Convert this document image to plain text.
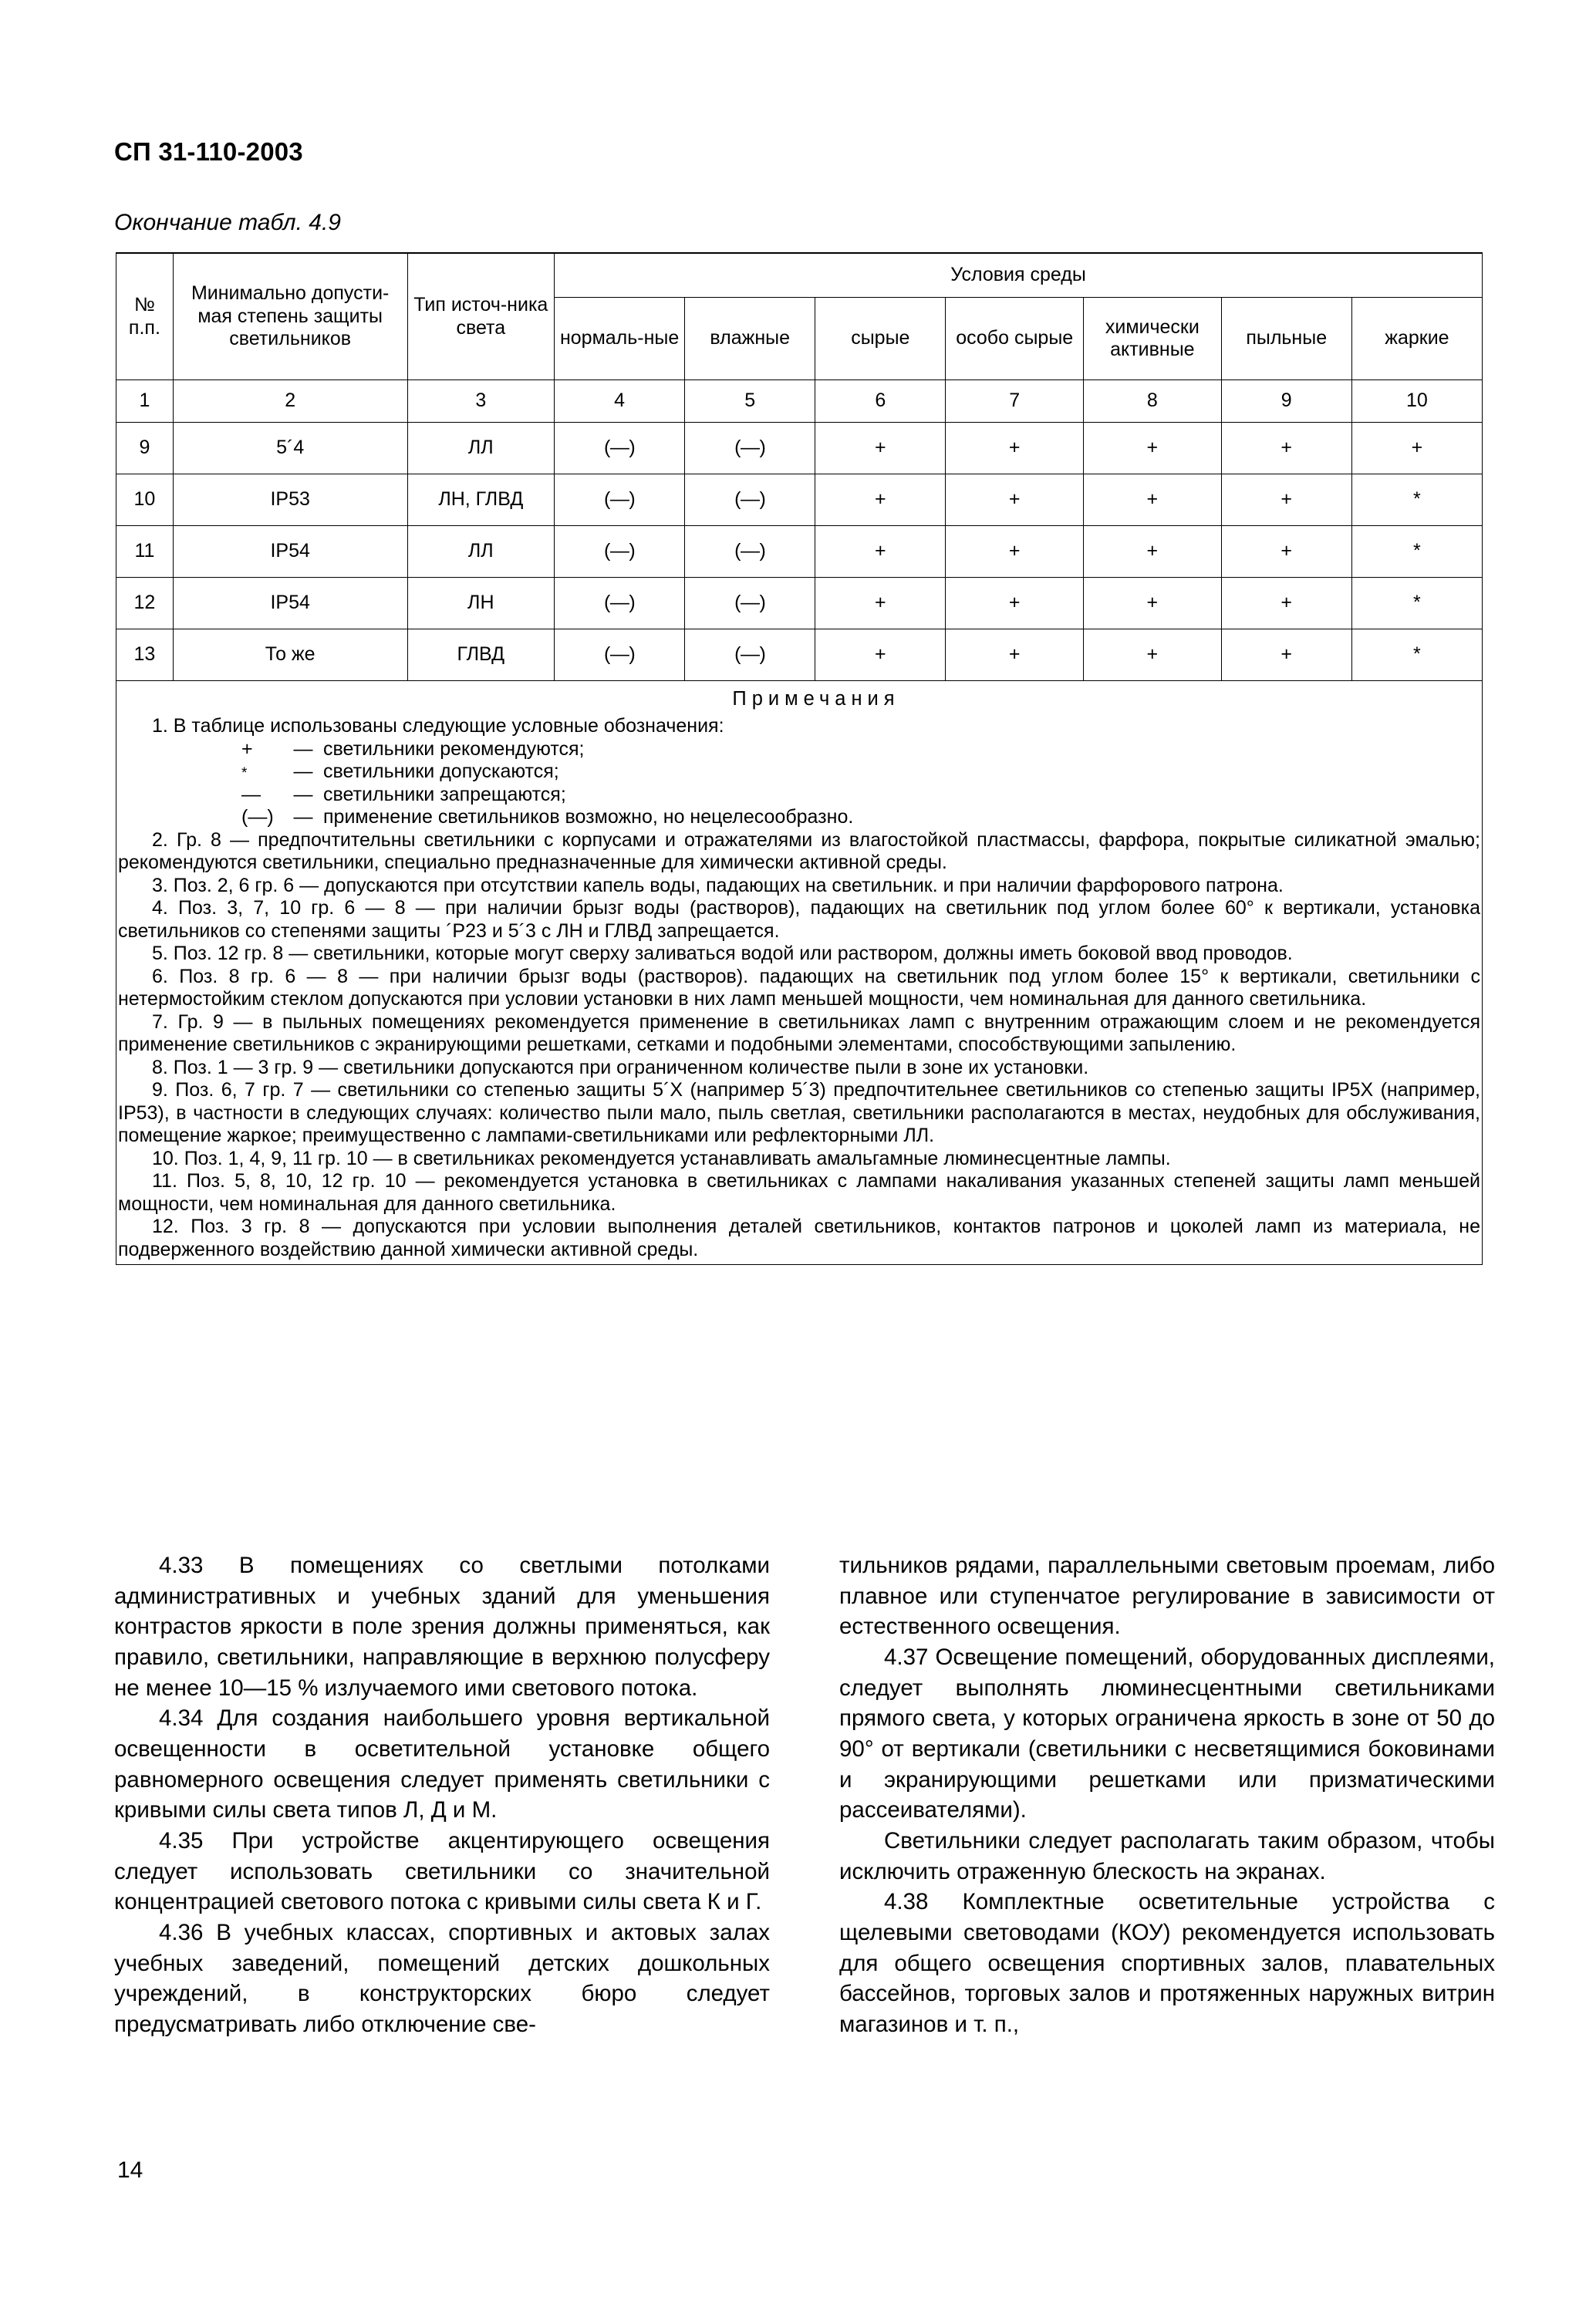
СП 31-110-2003
Окончание табл. 4.9
№
п.п.	Минимально допусти-мая степень защиты светильников	Тип источ-ника света	Условия среды						
			нормаль-ные	влажные	сырые	особо сырые	химически активные	пыльные	жаркие
1	2	3	4	5	6	7	8	9	10
9	5´4	ЛЛ	(—)	(—)	+	+	+	+	+
10	IP53	ЛН, ГЛВД	(—)	(—)	+	+	+	+	*
11	IP54	ЛЛ	(—)	(—)	+	+	+	+	*
12	IP54	ЛН	(—)	(—)	+	+	+	+	*
13	То же	ГЛВД	(—)	(—)	+	+	+	+	*

Примечания
1. В таблице использованы следующие условные обозначения:
+	— светильники рекомендуются;
*	— светильники допускаются;
—	— светильники запрещаются;
(—)	— применение светильников возможно, но нецелесообразно.
2. Гр. 8 — предпочтительны светильники с корпусами и отражателями из влагостойкой пластмассы, фарфора, покрытые силикатной эмалью; рекомендуются светильники, специально предназначенные для химически активной среды.
3. Поз. 2, 6 гр. 6 — допускаются при отсутствии капель воды, падающих на светильник. и при наличии фарфорового патрона.
4. Поз. 3, 7, 10 гр. 6 — 8 — при наличии брызг воды (растворов), падающих на светильник под углом более 60° к вертикали, установка светильников со степенями защиты ´Р23 и 5´3 с ЛН и ГЛВД запрещается.
5. Поз. 12 гр. 8 — светильники, которые могут сверху заливаться водой или раствором, должны иметь боковой ввод проводов.
6. Поз. 8 гр. 6 — 8 — при наличии брызг воды (растворов). падающих на светильник под углом более 15° к вертикали, светильники с нетермостойким стеклом допускаются при условии установки в них ламп меньшей мощности, чем номинальная для данного светильника.
7. Гр. 9 — в пыльных помещениях рекомендуется применение в светильниках ламп с внутренним отражающим слоем и не рекомендуется применение светильников с экранирующими решетками, сетками и подобными элементами, способствующими запылению.
8. Поз. 1 — 3 гр. 9 — светильники допускаются при ограниченном количестве пыли в зоне их установки.
9. Поз. 6, 7 гр. 7 — светильники со степенью защиты 5´Х (например 5´3) предпочтительнее светильников со степенью защиты IP5X (например, IP53), в частности в следующих случаях: количество пыли мало, пыль светлая, светильники располагаются в местах, неудобных для обслуживания, помещение жаркое; преимущественно с лампами-светильниками или рефлекторными ЛЛ.
10. Поз. 1, 4, 9, 11 гр. 10 — в светильниках рекомендуется устанавливать амальгамные люминесцентные лампы.
11. Поз. 5, 8, 10, 12 гр. 10 — рекомендуется установка в светильниках с лампами накаливания указанных степеней защиты ламп меньшей мощности, чем номинальная для данного светильника.
12. Поз. 3 гр. 8 — допускаются при условии выполнения деталей светильников, контактов патронов и цоколей ламп из материала, не подверженного воздействию данной химически активной среды.

4.33 В помещениях со светлыми потолками административных и учебных зданий для уменьшения контрастов яркости в поле зрения должны применяться, как правило, светильники, направляющие в верхнюю полусферу не менее 10—15 % излучаемого ими светового потока.

4.34 Для создания наибольшего уровня вертикальной освещенности в осветительной установке общего равномерного освещения следует применять светильники с кривыми силы света типов Л, Д и М.

4.35 При устройстве акцентирующего освещения следует использовать светильники со значительной концентрацией светового потока с кривыми силы света К и Г.

4.36 В учебных классах, спортивных и актовых залах учебных заведений, помещений детских дошкольных учреждений, в конструкторских бюро следует предусматривать либо отключение све-

тильников рядами, параллельными световым проемам, либо плавное или ступенчатое регулирование в зависимости от естественного освещения.

4.37 Освещение помещений, оборудованных дисплеями, следует выполнять люминесцентными светильниками прямого света, у которых ограничена яркость в зоне от 50 до 90° от вертикали (светильники с несветящимися боковинами и экранирующими решетками или призматическими рассеивателями).

Светильники следует располагать таким образом, чтобы исключить отраженную блескость на экранах.

4.38 Комплектные осветительные устройства с щелевыми световодами (КОУ) рекомендуется использовать для общего освещения спортивных залов, плавательных бассейнов, торговых залов и протяженных наружных витрин магазинов и т. п.,

14
